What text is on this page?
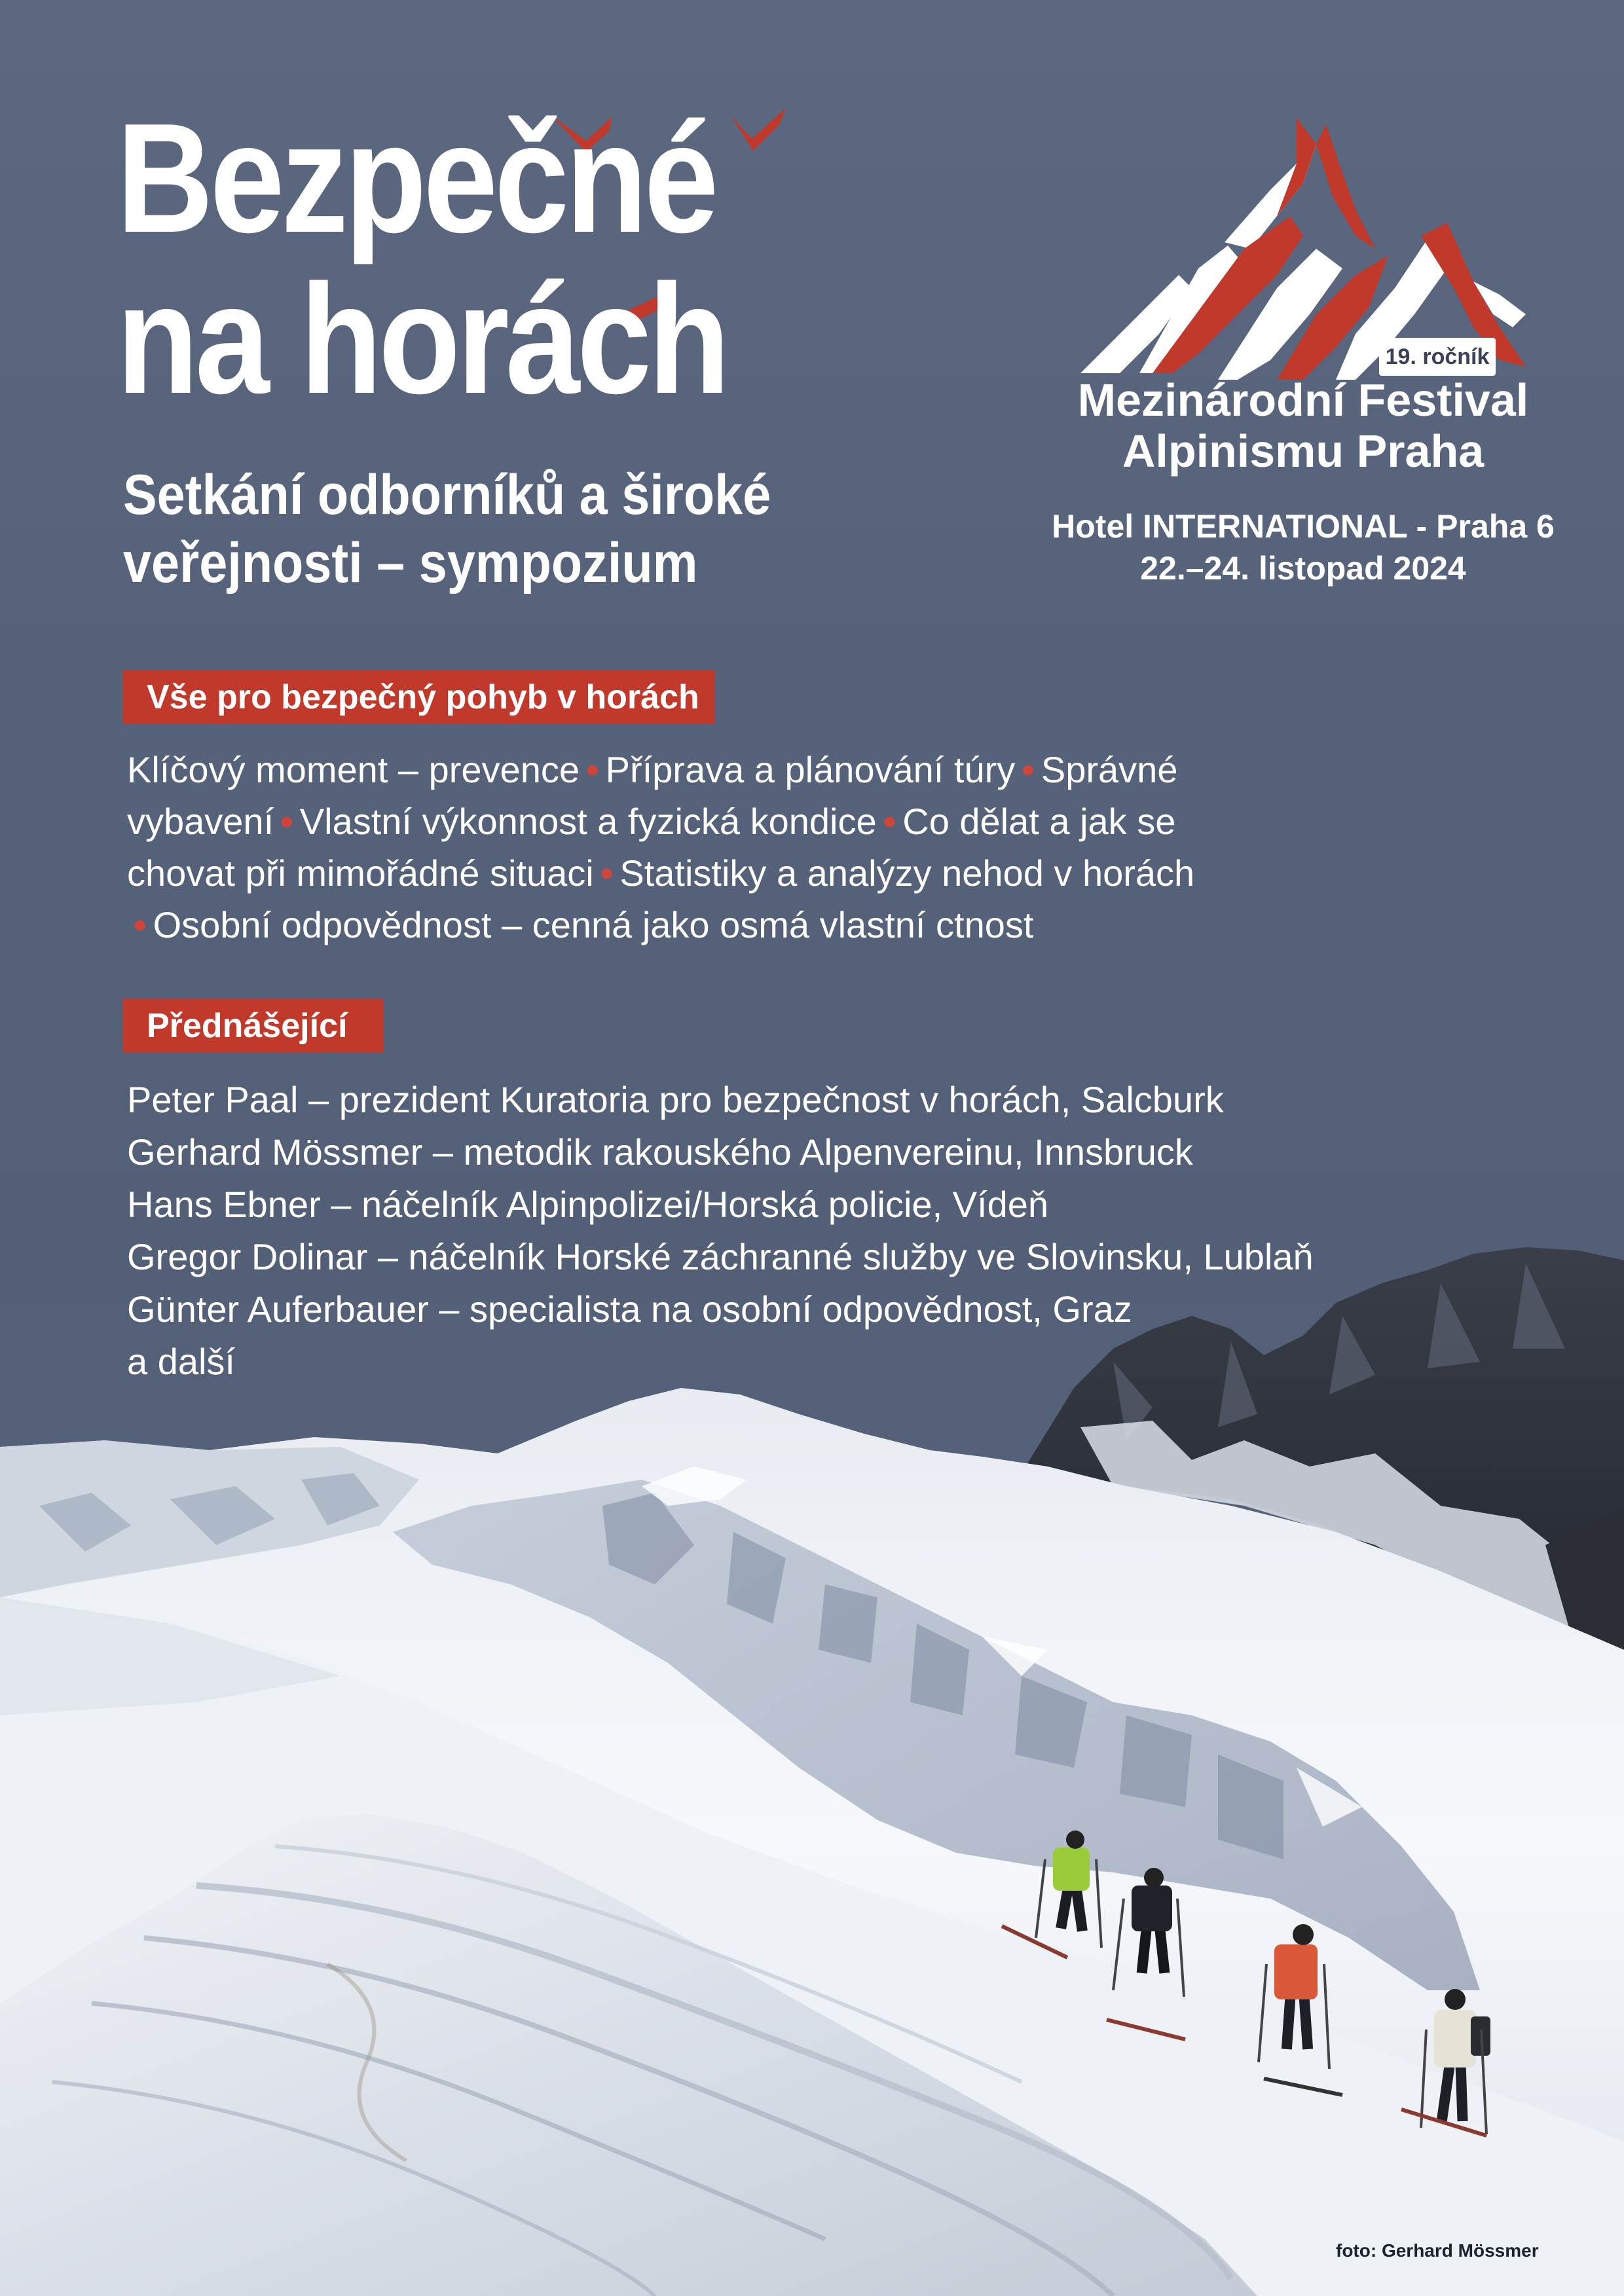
Bezpečné
na horách
Setkání odborníků a široké
veřejnosti – sympozium
19. ročník
Mezinárodní Festival
Alpinismu Praha
Hotel INTERNATIONAL - Praha 6
22.–24. listopad 2024
Vše pro bezpečný pohyb v horách
Klíčový moment – prevence • Příprava a plánování túry • Správné
vybavení • Vlastní výkonnost a fyzická kondice • Co dělat a jak se
chovat při mimořádné situaci • Statistiky a analýzy nehod v horách
• Osobní odpovědnost – cenná jako osmá vlastní ctnost
Přednášející
Peter Paal – prezident Kuratoria pro bezpečnost v horách, Salcburk
Gerhard Mössmer – metodik rakouského Alpenvereinu, Innsbruck
Hans Ebner – náčelník Alpinpolizei/Horská policie, Vídeň
Gregor Dolinar – náčelník Horské záchranné služby ve Slovinsku, Lublaň
Günter Auferbauer – specialista na osobní odpovědnost, Graz
a další
foto: Gerhard Mössmer
